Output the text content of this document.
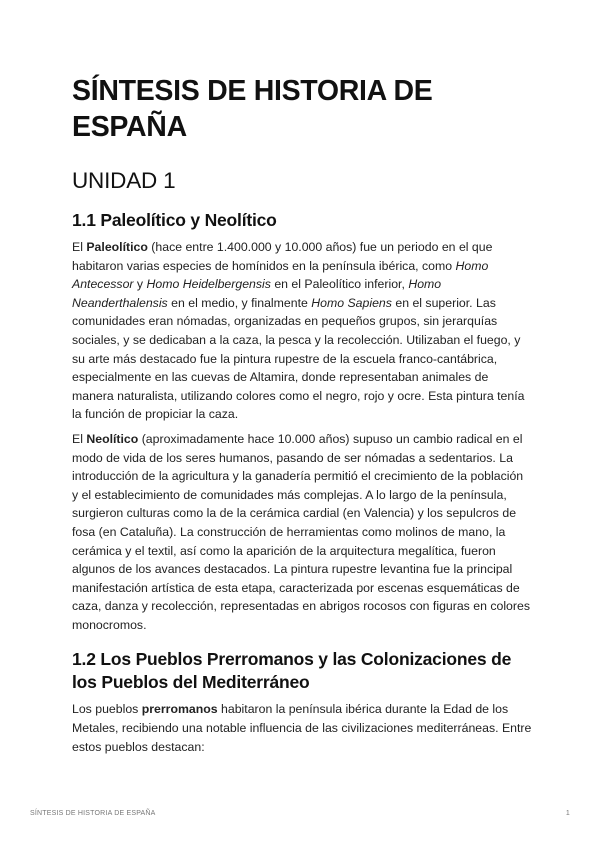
SÍNTESIS DE HISTORIA DE ESPAÑA
UNIDAD 1
1.1 Paleolítico y Neolítico

El Paleolítico (hace entre 1.400.000 y 10.000 años) fue un periodo en el que habitaron varias especies de homínidos en la península ibérica, como Homo Antecessor y Homo Heidelbergensis en el Paleolítico inferior, Homo Neanderthalensis en el medio, y finalmente Homo Sapiens en el superior. Las comunidades eran nómadas, organizadas en pequeños grupos, sin jerarquías sociales, y se dedicaban a la caza, la pesca y la recolección. Utilizaban el fuego, y su arte más destacado fue la pintura rupestre de la escuela franco-cantábrica, especialmente en las cuevas de Altamira, donde representaban animales de manera naturalista, utilizando colores como el negro, rojo y ocre. Esta pintura tenía la función de propiciar la caza.

El Neolítico (aproximadamente hace 10.000 años) supuso un cambio radical en el modo de vida de los seres humanos, pasando de ser nómadas a sedentarios. La introducción de la agricultura y la ganadería permitió el crecimiento de la población y el establecimiento de comunidades más complejas. A lo largo de la península, surgieron culturas como la de la cerámica cardial (en Valencia) y los sepulcros de fosa (en Cataluña). La construcción de herramientas como molinos de mano, la cerámica y el textil, así como la aparición de la arquitectura megalítica, fueron algunos de los avances destacados. La pintura rupestre levantina fue la principal manifestación artística de esta etapa, caracterizada por escenas esquemáticas de caza, danza y recolección, representadas en abrigos rocosos con figuras en colores monocromos.

1.2 Los Pueblos Prerromanos y las Colonizaciones de los Pueblos del Mediterráneo

Los pueblos prerromanos habitaron la península ibérica durante la Edad de los Metales, recibiendo una notable influencia de las civilizaciones mediterráneas. Entre estos pueblos destacan:

SÍNTESIS DE HISTORIA DE ESPAÑA	1
